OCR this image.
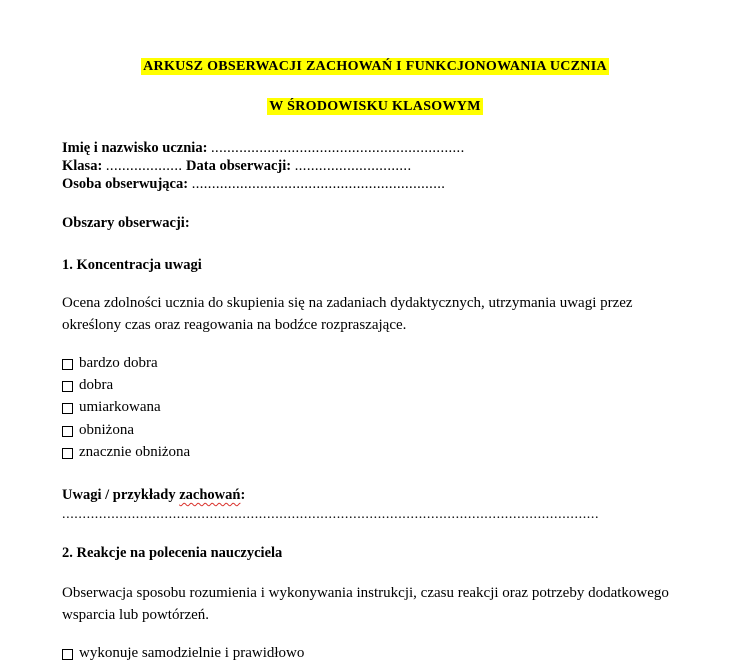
ARKUSZ OBSERWACJI ZACHOWAŃ I FUNKCJONOWANIA UCZNIA
W ŚRODOWISKU KLASOWYM
Imię i nazwisko ucznia: ...............................................................
Klasa: ................... Data obserwacji: .............................
Osoba obserwująca: ...............................................................
Obszary obserwacji:
1. Koncentracja uwagi
Ocena zdolności ucznia do skupienia się na zadaniach dydaktycznych, utrzymania uwagi przez określony czas oraz reagowania na bodźce rozpraszające.
bardzo dobra
dobra
umiarkowana
obniżona
znacznie obniżona
Uwagi / przykłady zachowań:
...................................................................................................................................
2. Reakcje na polecenia nauczyciela
Obserwacja sposobu rozumienia i wykonywania instrukcji, czasu reakcji oraz potrzeby dodatkowego wsparcia lub powtórzeń.
wykonuje samodzielnie i prawidłowo
